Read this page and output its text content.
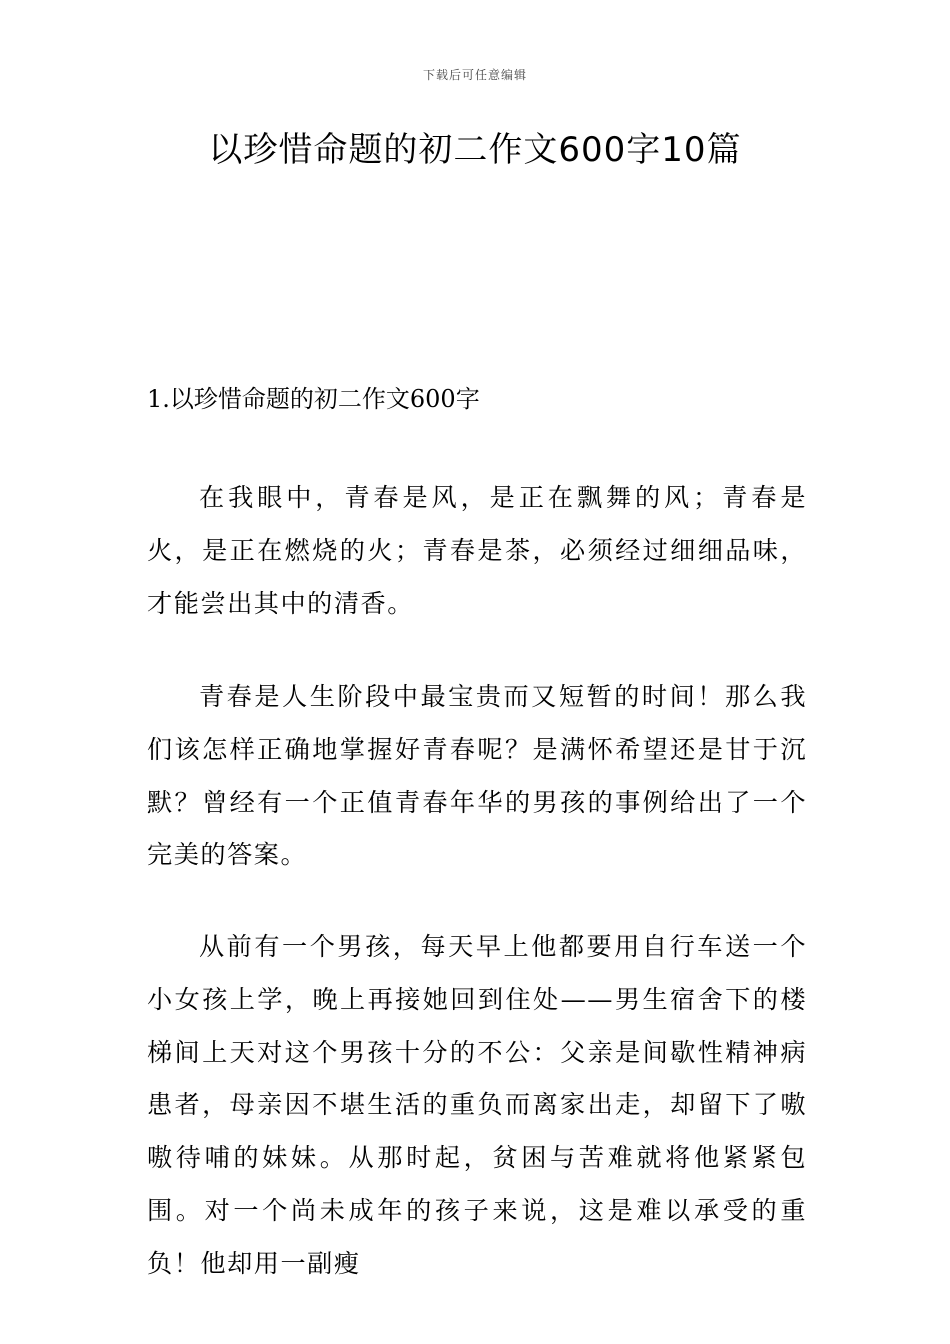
下载后可任意编辑
以珍惜命题的初二作文600字10篇
1.以珍惜命题的初二作文600字

在我眼中，青春是风，是正在飘舞的风；青春是火，是正在燃烧的火；青春是茶，必须经过细细品味，才能尝出其中的清香。

青春是人生阶段中最宝贵而又短暂的时间！那么我们该怎样正确地掌握好青春呢？是满怀希望还是甘于沉默？曾经有一个正值青春年华的男孩的事例给出了一个完美的答案。

从前有一个男孩，每天早上他都要用自行车送一个小女孩上学，晚上再接她回到住处——男生宿舍下的楼梯间上天对这个男孩十分的不公：父亲是间歇性精神病患者，母亲因不堪生活的重负而离家出走，却留下了嗷嗷待哺的妹妹。从那时起，贫困与苦难就将他紧紧包围。对一个尚未成年的孩子来说，这是难以承受的重负！他却用一副瘦
